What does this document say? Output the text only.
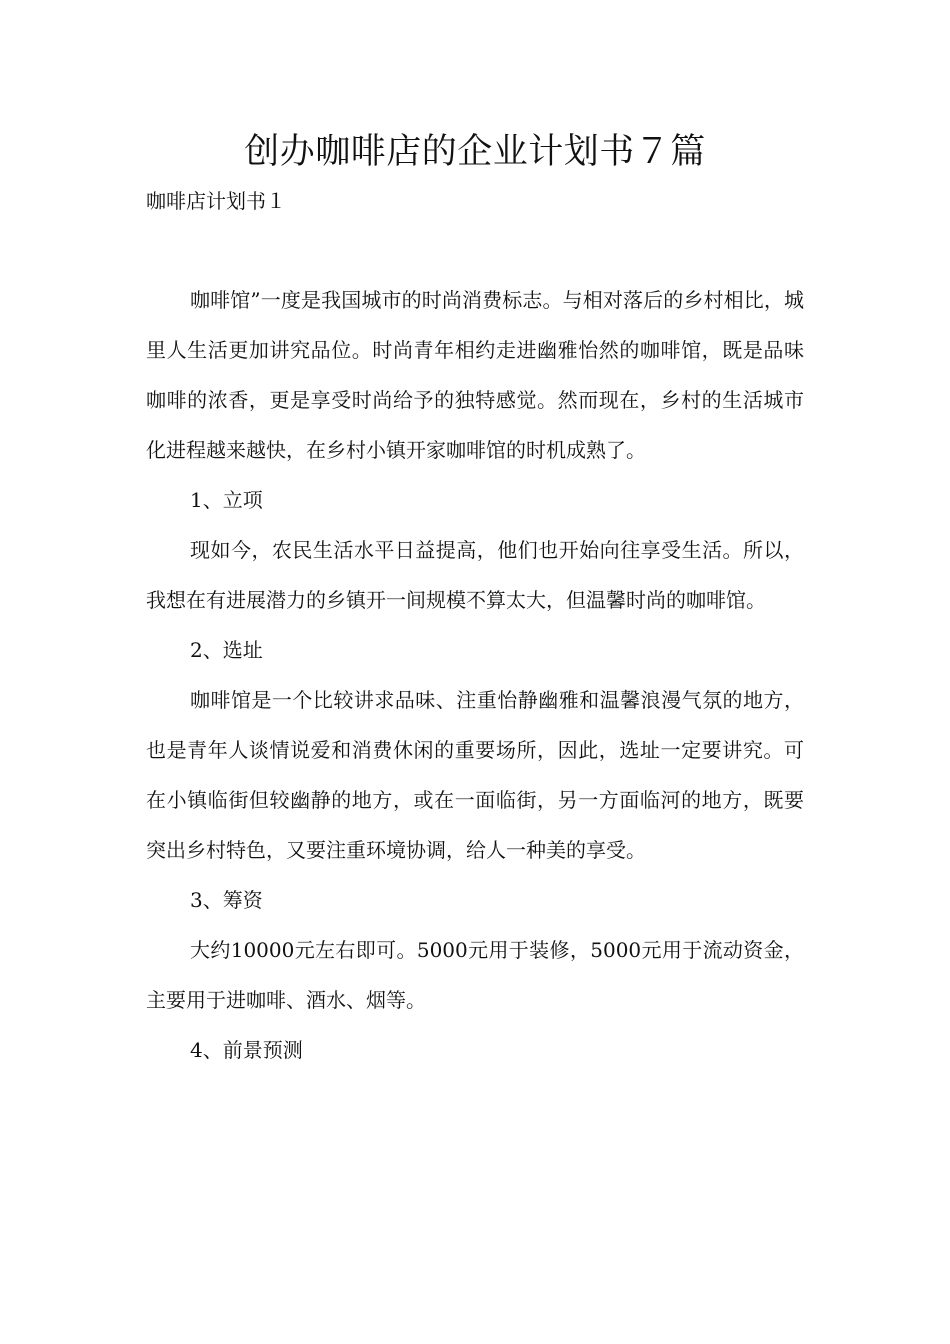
创办咖啡店的企业计划书７篇
咖啡店计划书１

咖啡馆”一度是我国城市的时尚消费标志。与相对落后的乡村相比，城里人生活更加讲究品位。时尚青年相约走进幽雅怡然的咖啡馆，既是品味咖啡的浓香，更是享受时尚给予的独特感觉。然而现在，乡村的生活城市化进程越来越快，在乡村小镇开家咖啡馆的时机成熟了。

1、立项

现如今，农民生活水平日益提高，他们也开始向往享受生活。所以，我想在有进展潜力的乡镇开一间规模不算太大，但温馨时尚的咖啡馆。

2、选址

咖啡馆是一个比较讲求品味、注重怡静幽雅和温馨浪漫气氛的地方，也是青年人谈情说爱和消费休闲的重要场所，因此，选址一定要讲究。可在小镇临街但较幽静的地方，或在一面临街，另一方面临河的地方，既要突出乡村特色，又要注重环境协调，给人一种美的享受。

3、筹资

大约10000元左右即可。5000元用于装修，5000元用于流动资金，主要用于进咖啡、酒水、烟等。

4、前景预测
